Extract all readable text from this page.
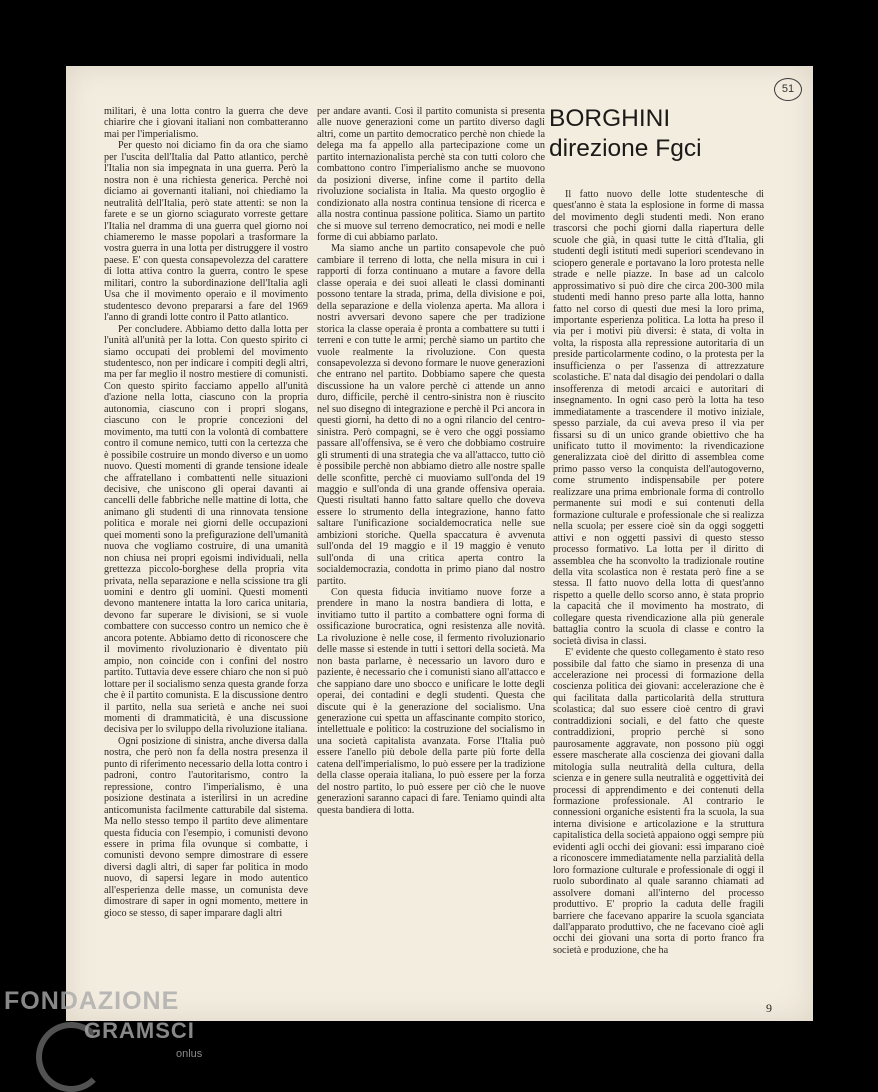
51

militari, è una lotta contro la guerra che deve chiarire che i giovani italiani non combatteranno mai per l'imperialismo.

Per questo noi diciamo fin da ora che siamo per l'uscita dell'Italia dal Patto atlantico, perchè l'Italia non sia impegnata in una guerra. Però la nostra non è una richiesta generica. Perchè noi diciamo ai governanti italiani, noi chiediamo la neutralità dell'Italia, però state attenti: se non la farete e se un giorno sciagurato vorreste gettare l'Italia nel dramma di una guerra quel giorno noi chiameremo le masse popolari a trasformare la vostra guerra in una lotta per distruggere il vostro paese. E' con questa consapevolezza del carattere di lotta attiva contro la guerra, contro le spese militari, contro la subordinazione dell'Italia agli Usa che il movimento operaio e il movimento studentesco devono prepararsi a fare del 1969 l'anno di grandi lotte contro il Patto atlantico.

Per concludere. Abbiamo detto dalla lotta per l'unità all'unità per la lotta. Con questo spirito ci siamo occupati dei problemi del movimento studentesco, non per indicare i compiti degli altri, ma per far meglio il nostro mestiere di comunisti. Con questo spirito facciamo appello all'unità d'azione nella lotta, ciascuno con la propria autonomia, ciascuno con i propri slogans, ciascuno con le proprie concezioni del movimento, ma tutti con la volontà di combattere contro il comune nemico, tutti con la certezza che è possibile costruire un mondo diverso e un uomo nuovo. Questi momenti di grande tensione ideale che affratellano i combattenti nelle situazioni decisive, che uniscono gli operai davanti ai cancelli delle fabbriche nelle mattine di lotta, che animano gli studenti di una rinnovata tensione politica e morale nei giorni delle occupazioni quei momenti sono la prefigurazione dell'umanità nuova che vogliamo costruire, di una umanità non chiusa nei propri egoismi individuali, nella grettezza piccolo-borghese della propria vita privata, nella separazione e nella scissione tra gli uomini e dentro gli uomini. Questi momenti devono mantenere intatta la loro carica unitaria, devono far superare le divisioni, se si vuole combattere con successo contro un nemico che è ancora potente. Abbiamo detto di riconoscere che il movimento rivoluzionario è diventato più ampio, non coincide con i confini del nostro partito. Tuttavia deve essere chiaro che non si può lottare per il socialismo senza questa grande forza che è il partito comunista. E la discussione dentro il partito, nella sua serietà e anche nei suoi momenti di drammaticità, è una discussione decisiva per lo sviluppo della rivoluzione italiana.

Ogni posizione di sinistra, anche diversa dalla nostra, che però non fa della nostra presenza il punto di riferimento necessario della lotta contro i padroni, contro l'autoritarismo, contro la repressione, contro l'imperialismo, è una posizione destinata a isterilirsi in un acredine anticomunista facilmente catturabile dal sistema. Ma nello stesso tempo il partito deve alimentare questa fiducia con l'esempio, i comunisti devono essere in prima fila ovunque si combatte, i comunisti devono sempre dimostrare di essere diversi dagli altri, di saper far politica in modo nuovo, di sapersi legare in modo autentico all'esperienza delle masse, un comunista deve dimostrare di saper in ogni momento, mettere in gioco se stesso, di saper imparare dagli altri

per andare avanti. Così il partito comunista si presenta alle nuove generazioni come un partito diverso dagli altri, come un partito democratico perchè non chiede la delega ma fa appello alla partecipazione come un partito internazionalista perchè sta con tutti coloro che combattono contro l'imperialismo anche se muovono da posizioni diverse, infine come il partito della rivoluzione socialista in Italia. Ma questo orgoglio è condizionato alla nostra continua tensione di ricerca e alla nostra continua passione politica. Siamo un partito che si muove sul terreno democratico, nei modi e nelle forme di cui abbiamo parlato.

Ma siamo anche un partito consapevole che può cambiare il terreno di lotta, che nella misura in cui i rapporti di forza continuano a mutare a favore della classe operaia e dei suoi alleati le classi dominanti possono tentare la strada, prima, della divisione e poi, della separazione e della violenza aperta. Ma allora i nostri avversari devono sapere che per tradizione storica la classe operaia è pronta a combattere su tutti i terreni e con tutte le armi; perchè siamo un partito che vuole realmente la rivoluzione. Con questa consapevolezza si devono formare le nuove generazioni che entrano nel partito. Dobbiamo sapere che questa discussione ha un valore perchè ci attende un anno duro, difficile, perchè il centro-sinistra non è riuscito nel suo disegno di integrazione e perchè il Pci ancora in questi giorni, ha detto di no a ogni rilancio del centro-sinistra. Però compagni, se è vero che oggi possiamo passare all'offensiva, se è vero che dobbiamo costruire gli strumenti di una strategia che va all'attacco, tutto ciò è possibile perchè non abbiamo dietro alle nostre spalle delle sconfitte, perchè ci muoviamo sull'onda del 19 maggio e sull'onda di una grande offensiva operaia. Questi risultati hanno fatto saltare quello che doveva essere lo strumento della integrazione, hanno fatto saltare l'unificazione socialdemocratica nelle sue ambizioni storiche. Quella spaccatura è avvenuta sull'onda del 19 maggio e il 19 maggio è venuto sull'onda di una critica aperta contro la socialdemocrazia, condotta in primo piano dal nostro partito.

Con questa fiducia invitiamo nuove forze a prendere in mano la nostra bandiera di lotta, e invitiamo tutto il partito a combattere ogni forma di ossificazione burocratica, ogni resistenza alle novità. La rivoluzione è nelle cose, il fermento rivoluzionario delle masse si estende in tutti i settori della società. Ma non basta parlarne, è necessario un lavoro duro e paziente, è necessario che i comunisti siano all'attacco e che sappiano dare uno sbocco e unificare le lotte degli operai, dei contadini e degli studenti. Questa che discute qui è la generazione del socialismo. Una generazione cui spetta un affascinante compito storico, intellettuale e politico: la costruzione del socialismo in una società capitalista avanzata. Forse l'Italia può essere l'anello più debole della parte più forte della catena dell'imperialismo, lo può essere per la tradizione della classe operaia italiana, lo può essere per la forza del nostro partito, lo può essere per ciò che le nuove generazioni saranno capaci di fare. Teniamo quindi alta questa bandiera di lotta.

BORGHINI
direzione Fgci

Il fatto nuovo delle lotte studentesche di quest'anno è stata la esplosione in forme di massa del movimento degli studenti medi. Non erano trascorsi che pochi giorni dalla riapertura delle scuole che già, in quasi tutte le città d'Italia, gli studenti degli istituti medi superiori scendevano in sciopero generale e portavano la loro protesta nelle strade e nelle piazze. In base ad un calcolo approssimativo si può dire che circa 200-300 mila studenti medi hanno preso parte alla lotta, hanno fatto nel corso di questi due mesi la loro prima, importante esperienza politica. La lotta ha preso il via per i motivi più diversi: è stata, di volta in volta, la risposta alla repressione autoritaria di un preside particolarmente codino, o la protesta per la insufficienza o per l'assenza di attrezzature scolastiche. E' nata dal disagio dei pendolari o dalla insofferenza di metodi arcaici e autoritari di insegnamento. In ogni caso però la lotta ha teso immediatamente a trascendere il motivo iniziale, spesso parziale, da cui aveva preso il via per fissarsi su di un unico grande obiettivo che ha unificato tutto il movimento: la rivendicazione generalizzata cioè del diritto di assemblea come primo passo verso la conquista dell'autogoverno, come strumento indispensabile per potere realizzare una prima embrionale forma di controllo permanente sui modi e sui contenuti della formazione culturale e professionale che si realizza nella scuola; per essere cioè sin da oggi soggetti attivi e non oggetti passivi di questo stesso processo formativo. La lotta per il diritto di assemblea che ha sconvolto la tradizionale routine della vita scolastica non è restata però fine a se stessa. Il fatto nuovo della lotta di quest'anno rispetto a quelle dello scorso anno, è stata proprio la capacità che il movimento ha mostrato, di collegare questa rivendicazione alla più generale battaglia contro la scuola di classe e contro la società divisa in classi.

E' evidente che questo collegamento è stato reso possibile dal fatto che siamo in presenza di una accelerazione nei processi di formazione della coscienza politica dei giovani: accelerazione che è qui facilitata dalla particolarità della struttura scolastica; dal suo essere cioè centro di gravi contraddizioni sociali, e del fatto che queste contraddizioni, proprio perchè si sono paurosamente aggravate, non possono più oggi essere mascherate alla coscienza dei giovani dalla mitologia sulla neutralità della cultura, della scienza e in genere sulla neutralità e oggettività dei processi di apprendimento e dei contenuti della formazione professionale. Al contrario le connessioni organiche esistenti fra la scuola, la sua interna divisione e articolazione e la struttura capitalistica della società appaiono oggi sempre più evidenti agli occhi dei giovani: essi imparano cioè a riconoscere immediatamente nella parzialità della loro formazione culturale e professionale di oggi il ruolo subordinato al quale saranno chiamati ad assolvere domani all'interno del processo produttivo. E' proprio la caduta delle fragili barriere che facevano apparire la scuola sganciata dall'apparato produttivo, che ne facevano cioè agli occhi dei giovani una sorta di porto franco fra società e produzione, che ha

9
FONDAZIONE
GRAMSCI
onlus
